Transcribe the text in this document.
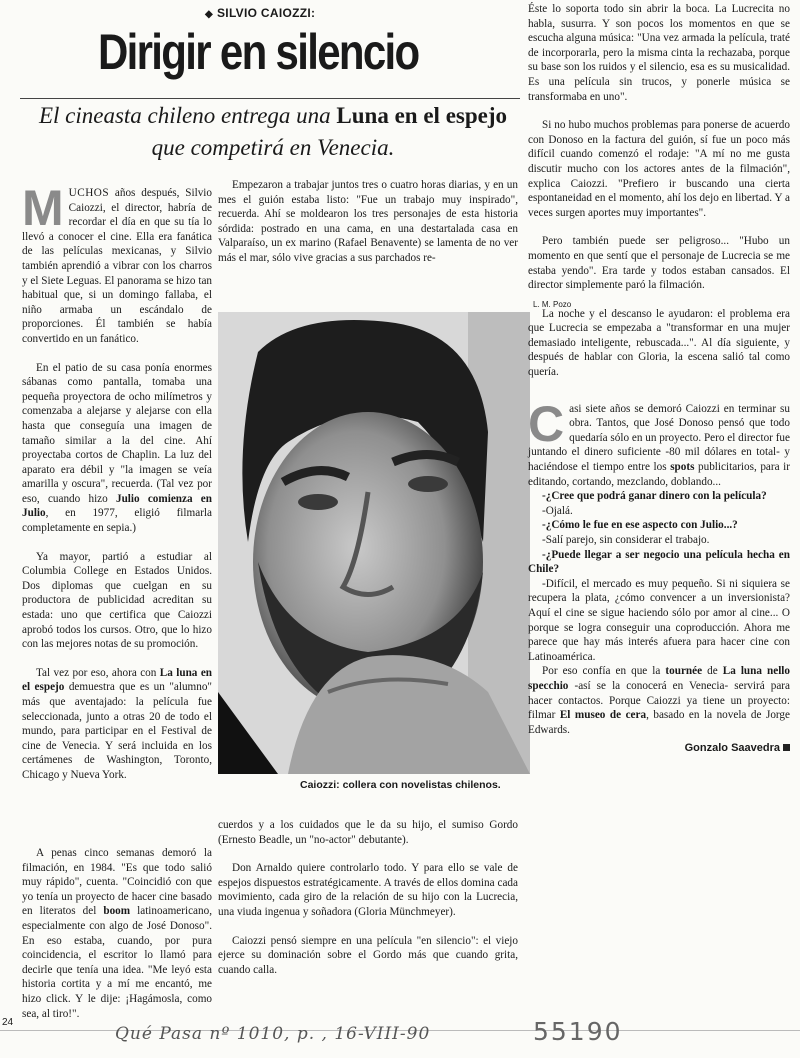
◆ SILVIO CAIOZZI:
Dirigir en silencio
El cineasta chileno entrega una Luna en el espejo que competirá en Venecia.

MUCHOS años después, Silvio Caiozzi, el director, habría de recordar el día en que su tía lo llevó a conocer el cine. Ella era fanática de las películas mexicanas, y Silvio también aprendió a vibrar con los charros y el Siete Leguas. El panorama se hizo tan habitual que, si un domingo fallaba, el niño armaba un escándalo de proporciones. Él también se había convertido en un fanático.

En el patio de su casa ponía enormes sábanas como pantalla, tomaba una pequeña proyectora de ocho milímetros y comenzaba a alejarse y alejarse con ella hasta que conseguía una imagen de tamaño similar a la del cine. Ahí proyectaba cortos de Chaplin. La luz del aparato era débil y "la imagen se veía amarilla y oscura", recuerda. (Tal vez por eso, cuando hizo Julio comienza en Julio, en 1977, eligió filmarla completamente en sepia.)

Ya mayor, partió a estudiar al Columbia College en Estados Unidos. Dos diplomas que cuelgan en su productora de publicidad acreditan su estada: uno que certifica que Caiozzi aprobó todos los cursos. Otro, que lo hizo con las mejores notas de su promoción.

Tal vez por eso, ahora con La luna en el espejo demuestra que es un "alumno" más que aventajado: la película fue seleccionada, junto a otras 20 de todo el mundo, para participar en el Festival de cine de Venecia. Y será incluida en los certámenes de Washington, Toronto, Chicago y Nueva York.

A penas cinco semanas demoró la filmación, en 1984. "Es que todo salió muy rápido", cuenta. "Coincidió con que yo tenía un proyecto de hacer cine basado en literatos del boom latinoamericano, especialmente con algo de José Donoso". En eso estaba, cuando, por pura coincidencia, el escritor lo llamó para decirle que tenía una idea. "Me leyó esta historia cortita y a mí me encantó, me hizo click. Y le dije: ¡Hagámosla, como sea, al tiro!".

Empezaron a trabajar juntos tres o cuatro horas diarias, y en un mes el guión estaba listo: "Fue un trabajo muy inspirado", recuerda. Ahí se moldearon los tres personajes de esta historia sórdida: postrado en una cama, en una destartalada casa en Valparaíso, un ex marino (Rafael Benavente) se lamenta de no ver más el mar, sólo vive gracias a sus parchados re-

L. M. Pozo
Caiozzi: collera con novelistas chilenos.

cuerdos y a los cuidados que le da su hijo, el sumiso Gordo (Ernesto Beadle, un "no-actor" debutante).

Don Arnaldo quiere controlarlo todo. Y para ello se vale de espejos dispuestos estratégicamente. A través de ellos domina cada movimiento, cada giro de la relación de su hijo con la Lucrecia, una viuda ingenua y soñadora (Gloria Münchmeyer).

Caiozzi pensó siempre en una película "en silencio": el viejo ejerce su dominación sobre el Gordo más que cuando grita, cuando calla.

Éste lo soporta todo sin abrir la boca. La Lucrecita no habla, susurra. Y son pocos los momentos en que se escucha alguna música: "Una vez armada la película, traté de incorporarla, pero la misma cinta la rechazaba, porque su base son los ruidos y el silencio, esa es su musicalidad. Es una película sin trucos, y ponerle música se transformaba en uno".

Si no hubo muchos problemas para ponerse de acuerdo con Donoso en la factura del guión, sí fue un poco más difícil cuando comenzó el rodaje: "A mí no me gusta discutir mucho con los actores antes de la filmación", explica Caiozzi. "Prefiero ir buscando una cierta espontaneidad en el momento, ahí los dejo en libertad. Y a veces surgen aportes muy importantes".

Pero también puede ser peligroso... "Hubo un momento en que sentí que el personaje de Lucrecia se me estaba yendo". Era tarde y todos estaban cansados. El director simplemente paró la filmación.

La noche y el descanso le ayudaron: el problema era que Lucrecia se empezaba a "transformar en una mujer demasiado inteligente, rebuscada...". Al día siguiente, y después de hablar con Gloria, la escena salió tal como quería.

Casi siete años se demoró Caiozzi en terminar su obra. Tantos, que José Donoso pensó que todo quedaría sólo en un proyecto. Pero el director fue juntando el dinero suficiente -80 mil dólares en total- y haciéndose el tiempo entre los spots publicitarios, para ir editando, cortando, mezclando, doblando...

-¿Cree que podrá ganar dinero con la película?

-Ojalá.

-¿Cómo le fue en ese aspecto con Julio...?

-Salí parejo, sin considerar el trabajo.

-¿Puede llegar a ser negocio una película hecha en Chile?

-Difícil, el mercado es muy pequeño. Si ni siquiera se recupera la plata, ¿cómo convencer a un inversionista? Aquí el cine se sigue haciendo sólo por amor al cine... O porque se logra conseguir una coproducción. Ahora me parece que hay más interés afuera para hacer cine con Latinoamérica.

Por eso confía en que la tournée de La luna nello specchio -así se la conocerá en Venecia- servirá para hacer contactos. Porque Caiozzi ya tiene un proyecto: filmar El museo de cera, basado en la novela de Jorge Edwards.

Gonzalo Saavedra
24
Qué Pasa nº 1010, p. , 16-VIII-90	55190
